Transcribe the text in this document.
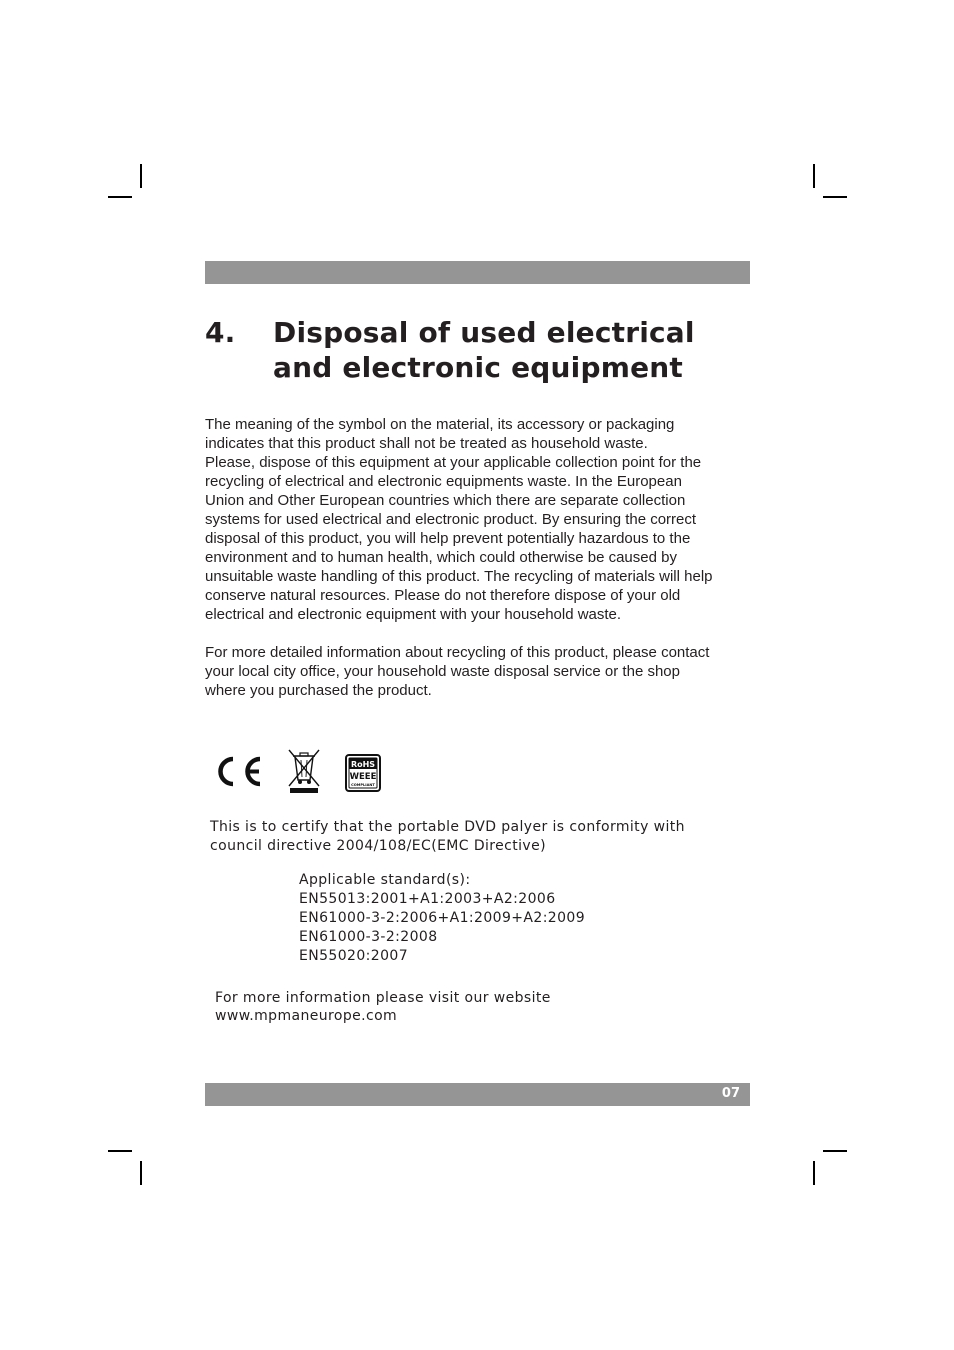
4. Disposal of used electrical
and electronic equipment
The meaning of the symbol on the material, its accessory or packaging
indicates that this product shall not be treated as household waste.
Please, dispose of this equipment at your applicable collection point for the
recycling of electrical and electronic equipments waste. In the European
Union and Other European countries which there are separate collection
systems for used electrical and electronic product. By ensuring the correct
disposal of this product, you will help prevent potentially hazardous to the
environment and to human health, which could otherwise be caused by
unsuitable waste handling of this product. The recycling of materials will help
conserve natural resources. Please do not therefore dispose of your old
electrical and electronic equipment with your household waste.
For more detailed information about recycling of this product, please contact
your local city office, your household waste disposal service or the shop
where you purchased the product.
RoHS
WEEE
COMPLIANT
This is to certify that the portable DVD palyer is conformity with
council directive 2004/108/EC(EMC Directive)
Applicable standard(s):
EN55013:2001+A1:2003+A2:2006
EN61000-3-2:2006+A1:2009+A2:2009
EN61000-3-2:2008
EN55020:2007
For more information please visit our website
www.mpmaneurope.com
07
